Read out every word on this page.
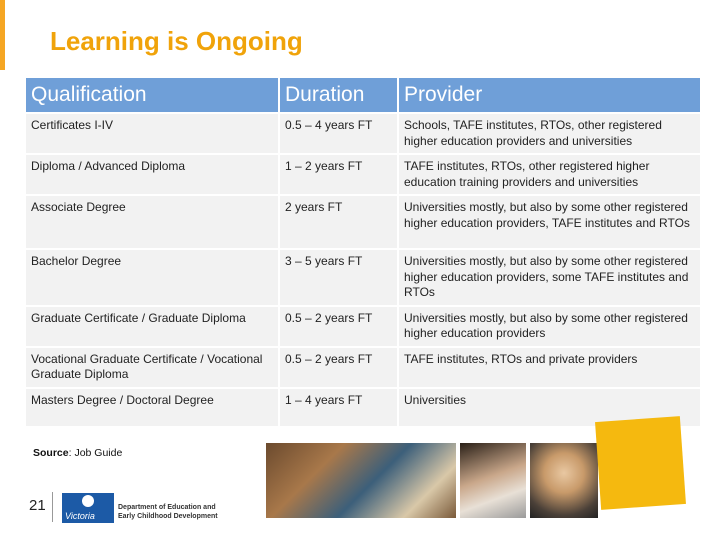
Learning is Ongoing
Qualification	Duration	Provider
Certificates I-IV	0.5 – 4 years FT	Schools, TAFE institutes, RTOs, other registered higher education providers and universities
Diploma / Advanced Diploma	1 – 2 years FT	TAFE institutes, RTOs, other registered higher education training providers and universities
Associate Degree	2 years FT	Universities mostly, but also by some other registered higher education providers, TAFE institutes and RTOs
Bachelor Degree	3 – 5 years FT	Universities mostly, but also by some other registered higher education providers, some TAFE institutes and RTOs
Graduate Certificate / Graduate Diploma	0.5 – 2 years FT	Universities mostly, but also by some other registered higher education providers
Vocational Graduate Certificate / Vocational Graduate Diploma	0.5 – 2 years FT	TAFE institutes, RTOs and private providers
Masters Degree / Doctoral Degree	1 – 4 years FT	Universities
Source: Job Guide
21
Victoria
Department of Education and Early Childhood Development
